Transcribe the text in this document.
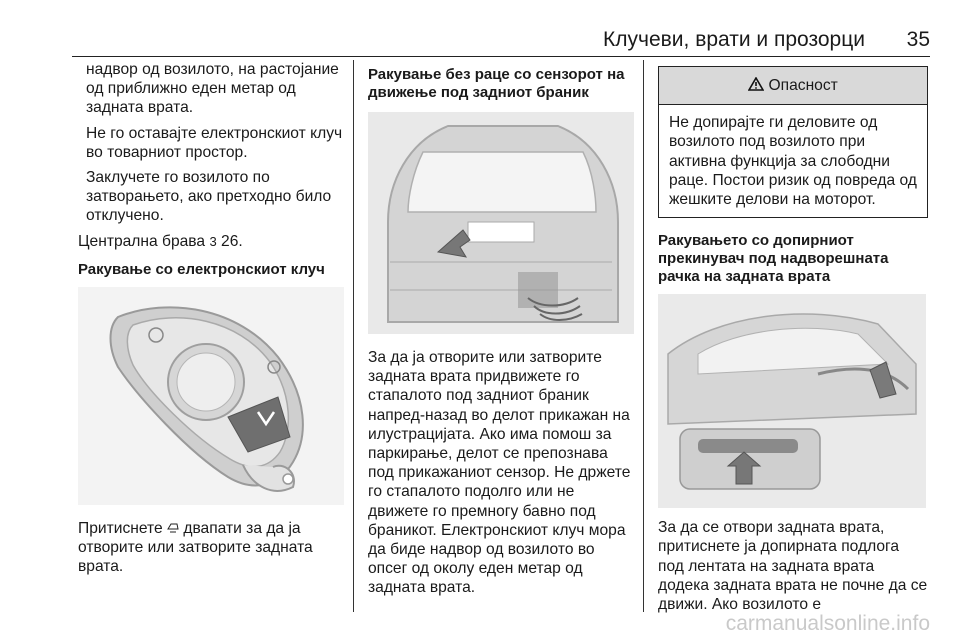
Клучеви, врати и прозорци 35

надвор од возилото, на растојание од приближно еден метар од задната врата.

Не го оставајте електронскиот клуч во товарниот простор.

Заклучете го возилото по затворањето, ако претходно било отклучено.

Централна брава 3 26.

Ракување со електронскиот клуч

Притиснете двапати за да ја отворите или затворите задната врата.

Ракување без раце со сензорот на движење под задниот браник

За да ја отворите или затворите задната врата придвижете го стапалото под задниот браник напред-назад во делот прикажан на илустрацијата. Ако има помош за паркирање, делот се препознава под прикажаниот сензор. Не држете го стапалото подолго или не движете го премногу бавно под браникот. Електронскиот клуч мора да биде надвор од возилото во опсег од околу еден метар од задната врата.

Опасност
Не допирајте ги деловите од возилото под возилото при активна функција за слободни раце. Постои ризик од повреда од жешките делови на моторот.
Ракувањето со допирниот прекинувач под надворешната рачка на задната врата

За да се отвори задната врата, притиснете ја допирната подлога под лентата на задната врата додека задната врата не почне да се движи. Ако возилото е

carmanualsonline.info
